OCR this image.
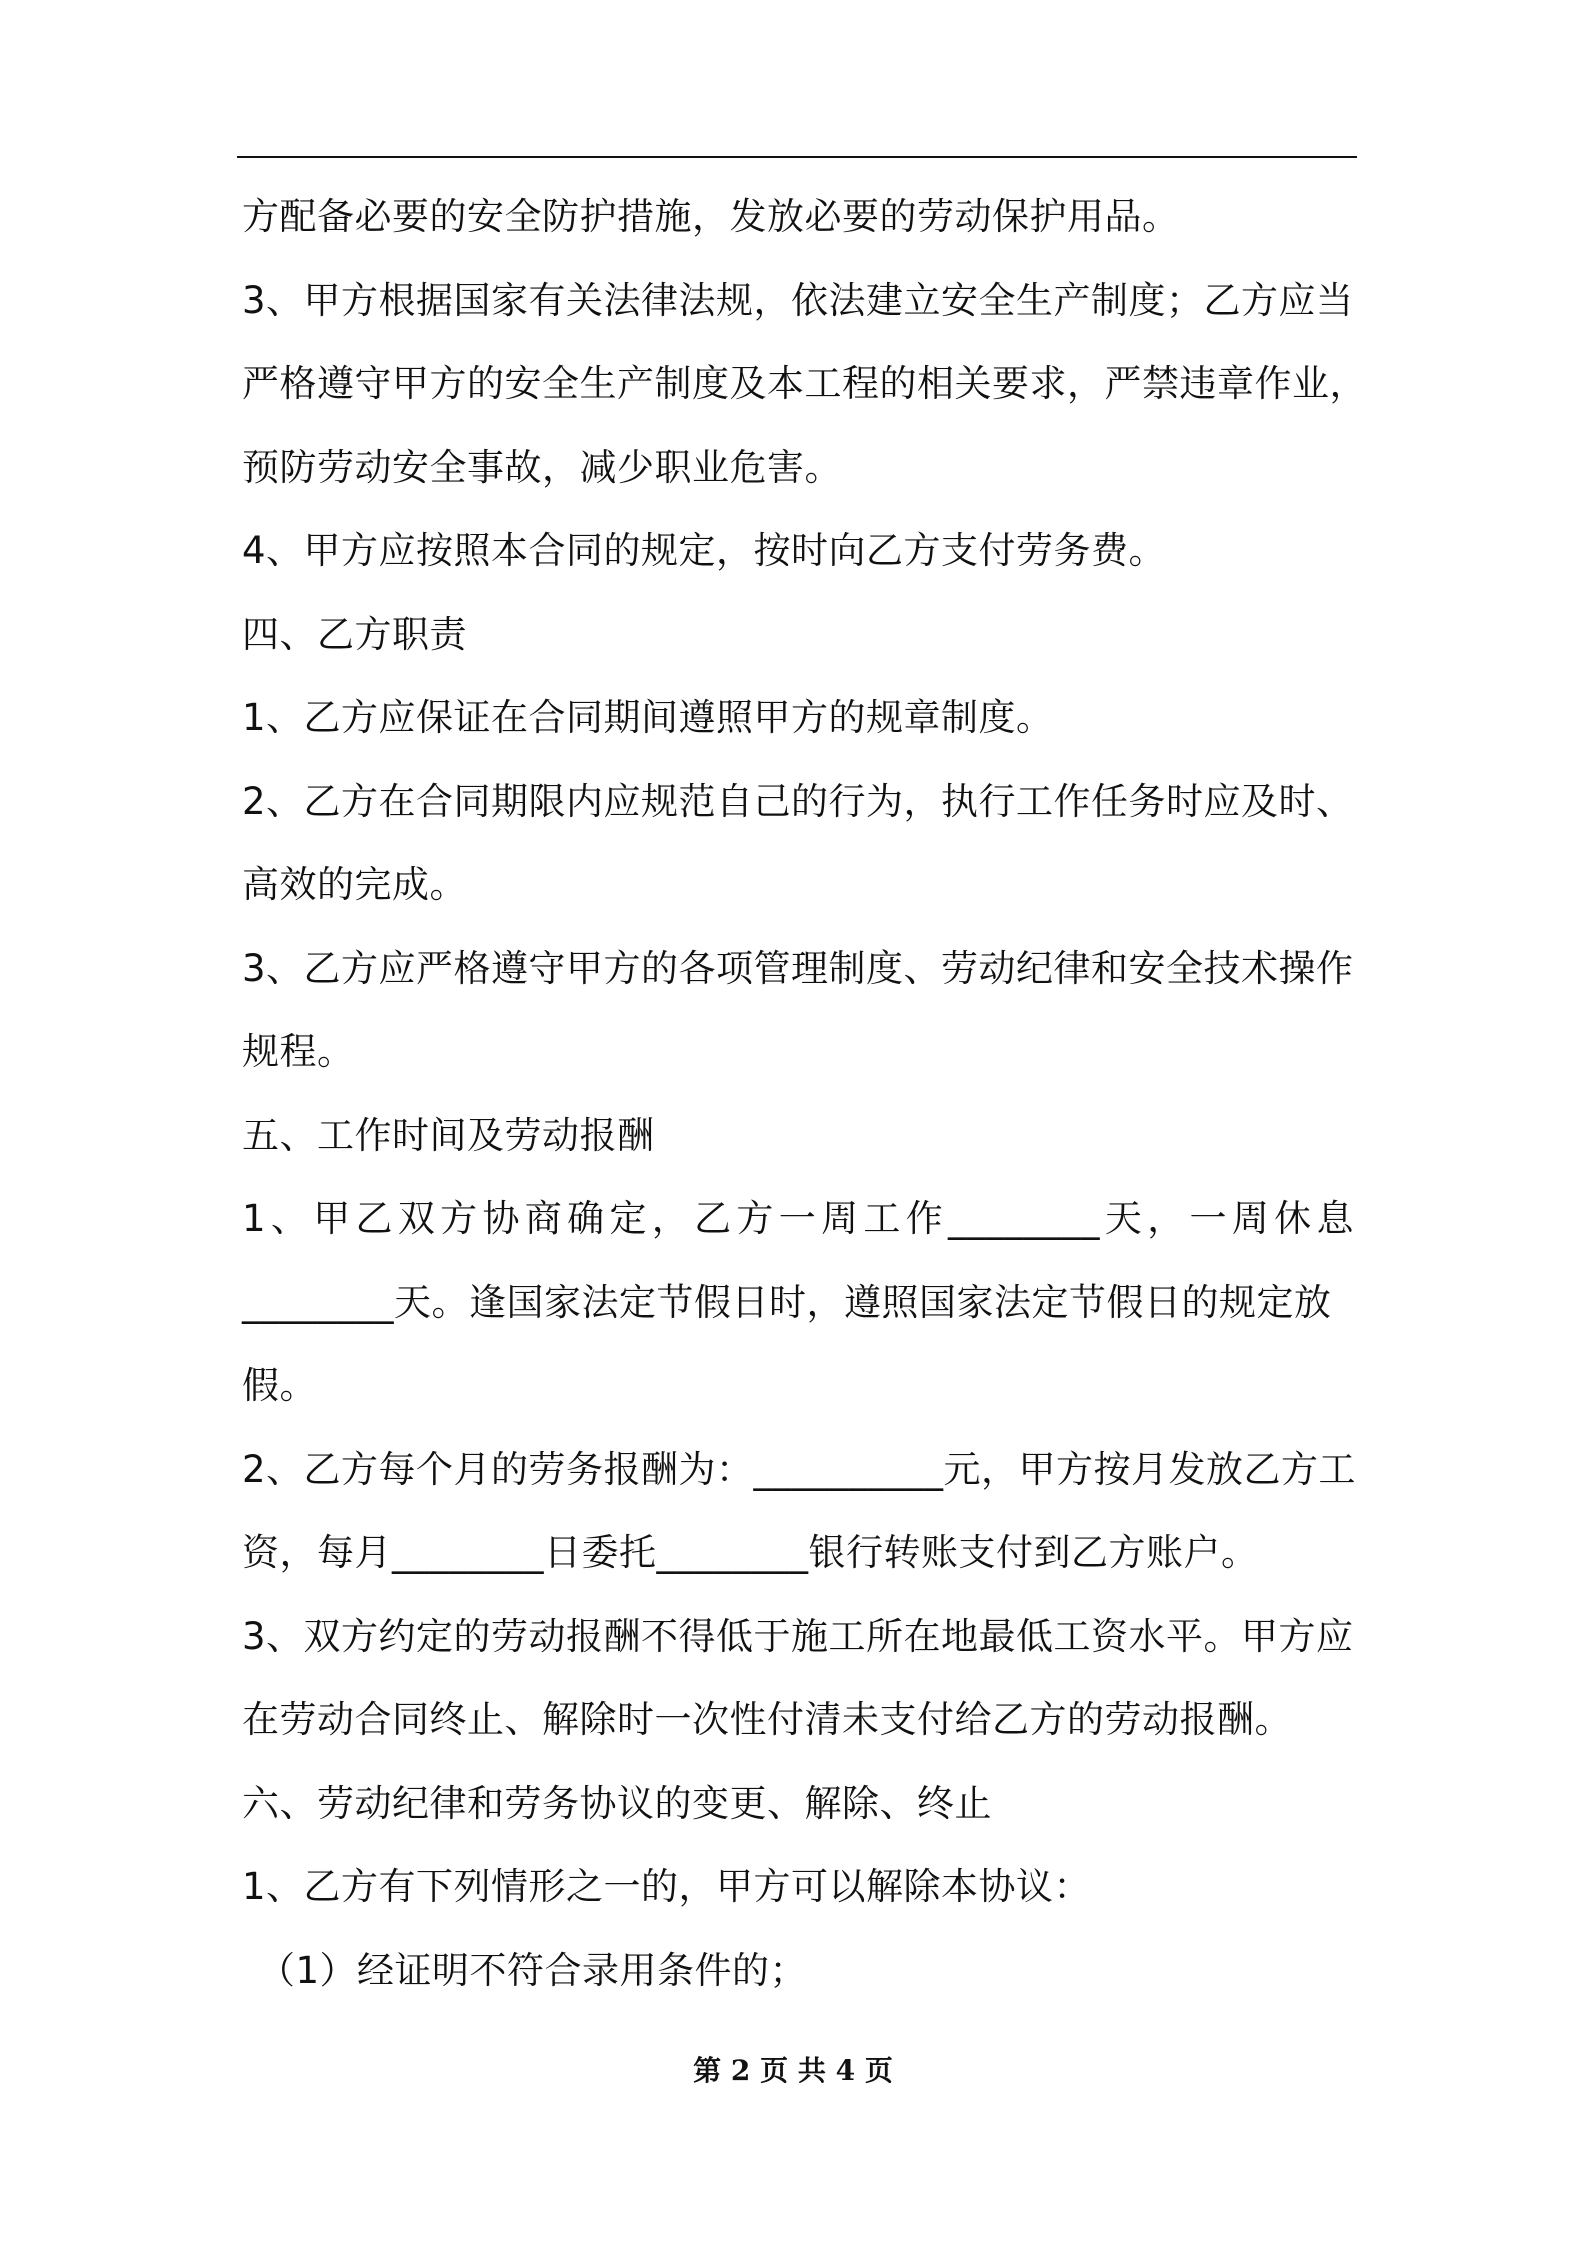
方配备必要的安全防护措施，发放必要的劳动保护用品。
3、甲方根据国家有关法律法规，依法建立安全生产制度；乙方应当
严格遵守甲方的安全生产制度及本工程的相关要求，严禁违章作业，
预防劳动安全事故，减少职业危害。
4、甲方应按照本合同的规定，按时向乙方支付劳务费。
四、乙方职责
1、乙方应保证在合同期间遵照甲方的规章制度。
2、乙方在合同期限内应规范自己的行为，执行工作任务时应及时、
高效的完成。
3、乙方应严格遵守甲方的各项管理制度、劳动纪律和安全技术操作
规程。
五、工作时间及劳动报酬
1、甲乙双方协商确定，乙方一周工作________天，一周休息
________天。逢国家法定节假日时，遵照国家法定节假日的规定放
假。
2、乙方每个月的劳务报酬为：__________元，甲方按月发放乙方工
资，每月________日委托________银行转账支付到乙方账户。
3、双方约定的劳动报酬不得低于施工所在地最低工资水平。甲方应
在劳动合同终止、解除时一次性付清未支付给乙方的劳动报酬。
六、劳动纪律和劳务协议的变更、解除、终止
1、乙方有下列情形之一的，甲方可以解除本协议：
（1）经证明不符合录用条件的；
第 2 页 共 4 页
